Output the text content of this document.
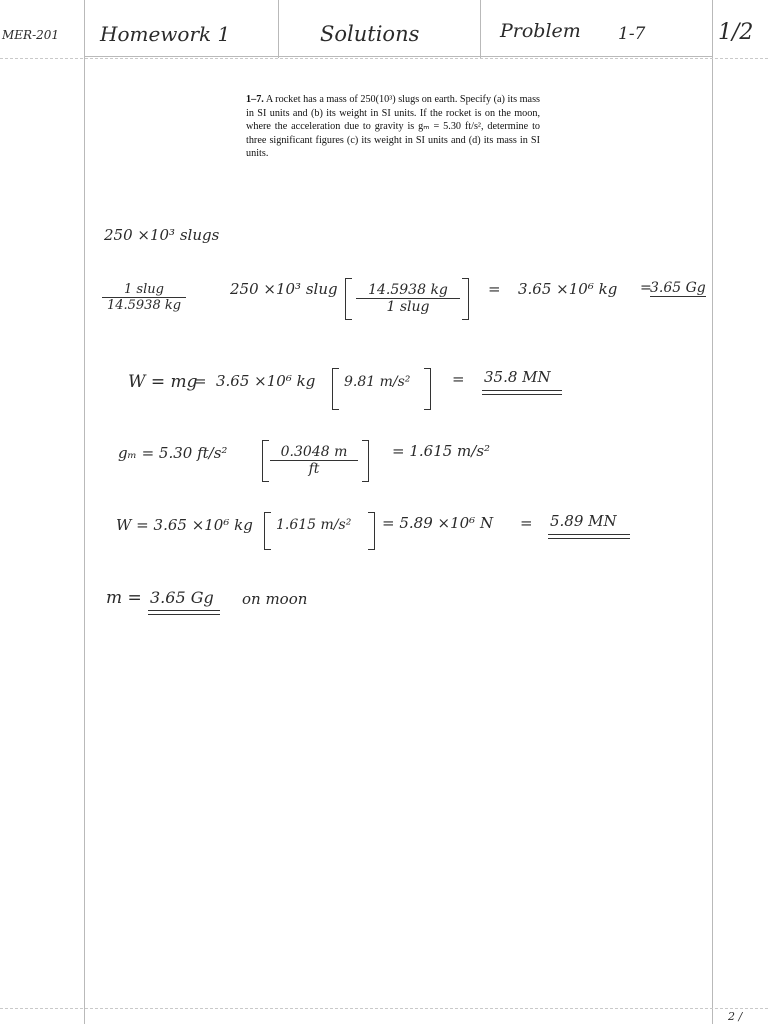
MER-201 Homework 1	Solutions	Problem 1-7	1/2
1–7. A rocket has a mass of 250(10³) slugs on earth. Specify (a) its mass in SI units and (b) its weight in SI units. If the rocket is on the moon, where the acceleration due to gravity is gₘ = 5.30 ft/s², determine to three significant figures (c) its weight in SI units and (d) its mass in SI units.
250 ×10³ slugs
1 slug
14.5938 kg
250 ×10³ slug	14.5938 kg
1 slug
= 3.65 ×10⁶ kg =
3.65 Gg
W = mg
= 3.65 ×10⁶ kg 9.81 m/s²	= 35.8 MN
gₘ = 5.30 ft/s²	$\frac{0.3048 m}{ft} = 1.615$ m/s²
W = 3.65 ×10⁶ kg 1.615 m/s² = 5.89 ×10⁶ N = 5.89 MN
m = 3.65 Gg on moon
2 /
